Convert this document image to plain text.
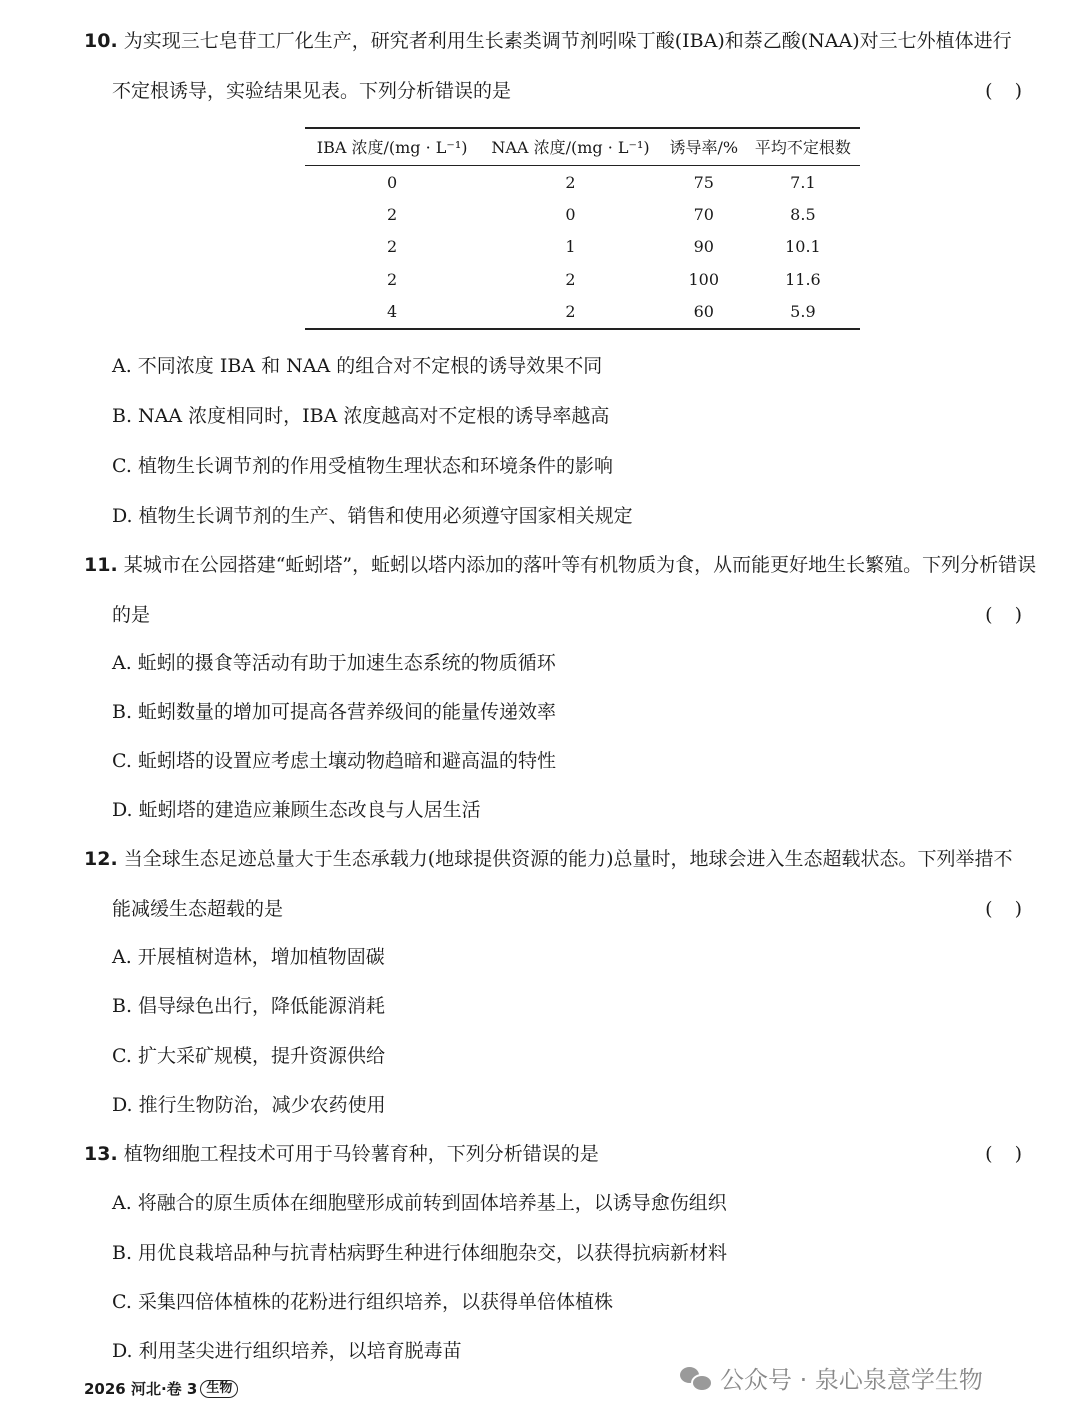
10. 为实现三七皂苷工厂化生产，研究者利用生长素类调节剂吲哚丁酸(IBA)和萘乙酸(NAA)对三七外植体进行
不定根诱导，实验结果见表。下列分析错误的是	()
IBA 浓度/(mg · L⁻¹)	NAA 浓度/(mg · L⁻¹)	诱导率/%	平均不定根数
0	2	75	7.1
2	0	70	8.5
2	1	90	10.1
2	2	100	11.6
4	2	60	5.9
A. 不同浓度 IBA 和 NAA 的组合对不定根的诱导效果不同
B. NAA 浓度相同时，IBA 浓度越高对不定根的诱导率越高
C. 植物生长调节剂的作用受植物生理状态和环境条件的影响
D. 植物生长调节剂的生产、销售和使用必须遵守国家相关规定
11. 某城市在公园搭建“蚯蚓塔”，蚯蚓以塔内添加的落叶等有机物质为食，从而能更好地生长繁殖。下列分析错误
的是	()
A. 蚯蚓的摄食等活动有助于加速生态系统的物质循环
B. 蚯蚓数量的增加可提高各营养级间的能量传递效率
C. 蚯蚓塔的设置应考虑土壤动物趋暗和避高温的特性
D. 蚯蚓塔的建造应兼顾生态改良与人居生活
12. 当全球生态足迹总量大于生态承载力(地球提供资源的能力)总量时，地球会进入生态超载状态。下列举措不
能减缓生态超载的是	()
A. 开展植树造林，增加植物固碳
B. 倡导绿色出行，降低能源消耗
C. 扩大采矿规模，提升资源供给
D. 推行生物防治，减少农药使用
13. 植物细胞工程技术可用于马铃薯育种，下列分析错误的是	()
A. 将融合的原生质体在细胞壁形成前转到固体培养基上，以诱导愈伤组织
B. 用优良栽培品种与抗青枯病野生种进行体细胞杂交，以获得抗病新材料
C. 采集四倍体植株的花粉进行组织培养，以获得单倍体植株
D. 利用茎尖进行组织培养，以培育脱毒苗
2026 河北·卷 3 生物	公众号 · 泉心泉意学生物
